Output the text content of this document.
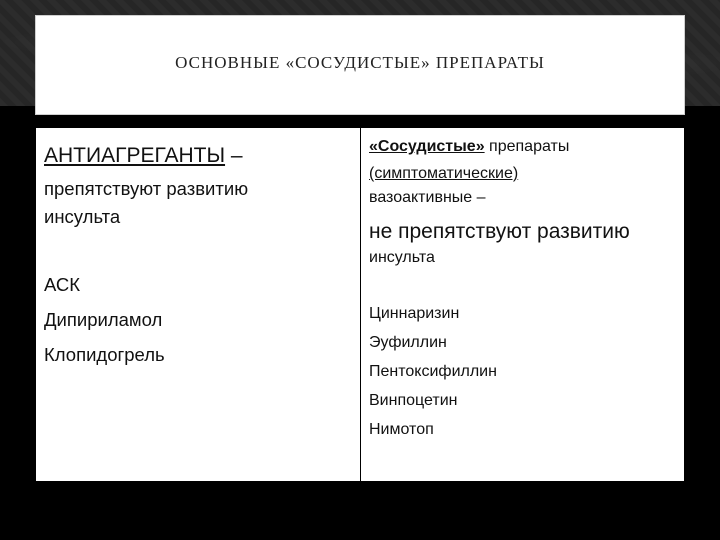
ОСНОВНЫЕ «СОСУДИСТЫЕ» ПРЕПАРАТЫ
АНТИАГРЕГАНТЫ –
препятствуют развитию
инсульта
АСК
Дипириламол
Клопидогрель
«Сосудистые» препараты
(симптоматические)
вазоактивные –
не препятствуют развитию
инсульта
Циннаризин
Эуфиллин
Пентоксифиллин
Винпоцетин
Нимотоп
